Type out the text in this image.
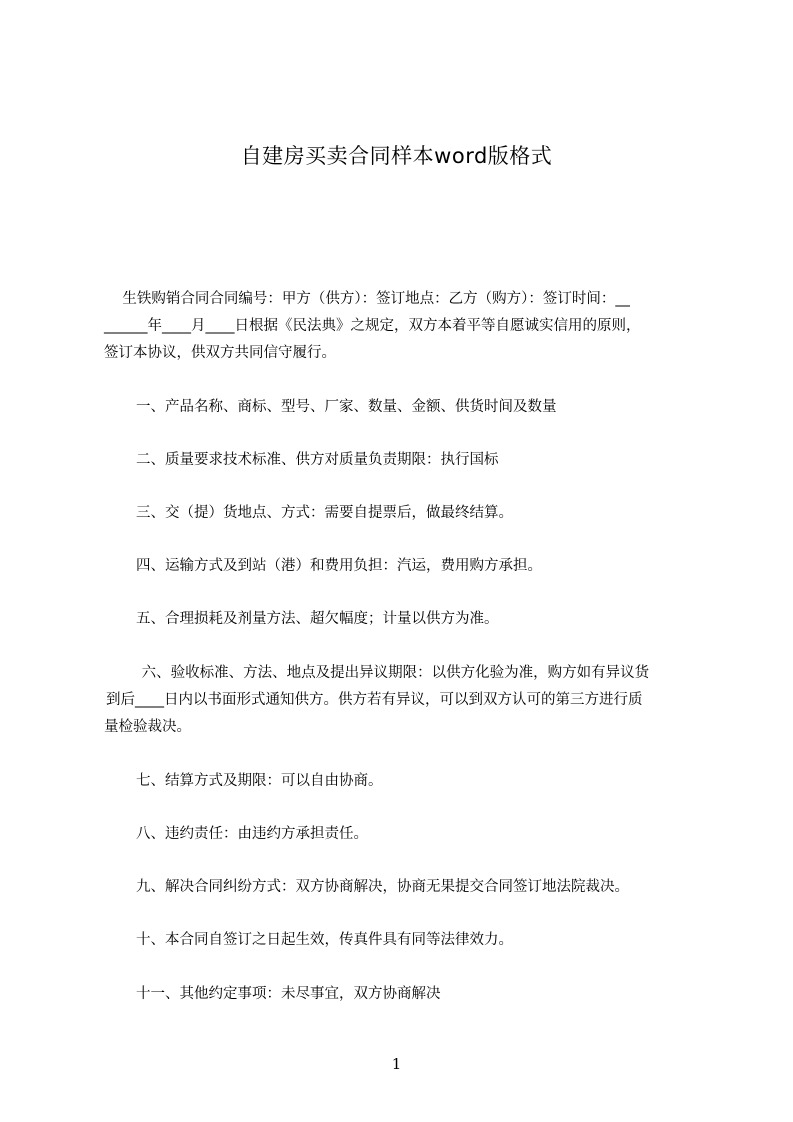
自建房买卖合同样本word版格式
生铁购销合同合同编号：甲方（供方）：签订地点：乙方（购方）：签订时间：__
______年____月____日根据《民法典》之规定，双方本着平等自愿诚实信用的原则，
签订本协议，供双方共同信守履行。
一、产品名称、商标、型号、厂家、数量、金额、供货时间及数量
二、质量要求技术标准、供方对质量负责期限：执行国标
三、交（提）货地点、方式：需要自提票后，做最终结算。
四、运输方式及到站（港）和费用负担：汽运，费用购方承担。
五、合理损耗及剂量方法、超欠幅度；计量以供方为准。
六、验收标准、方法、地点及提出异议期限：以供方化验为准，购方如有异议货
到后____日内以书面形式通知供方。供方若有异议，可以到双方认可的第三方进行质
量检验裁决。
七、结算方式及期限：可以自由协商。
八、违约责任：由违约方承担责任。
九、解决合同纠纷方式：双方协商解决，协商无果提交合同签订地法院裁决。
十、本合同自签订之日起生效，传真件具有同等法律效力。
十一、其他约定事项：未尽事宜，双方协商解决
1
